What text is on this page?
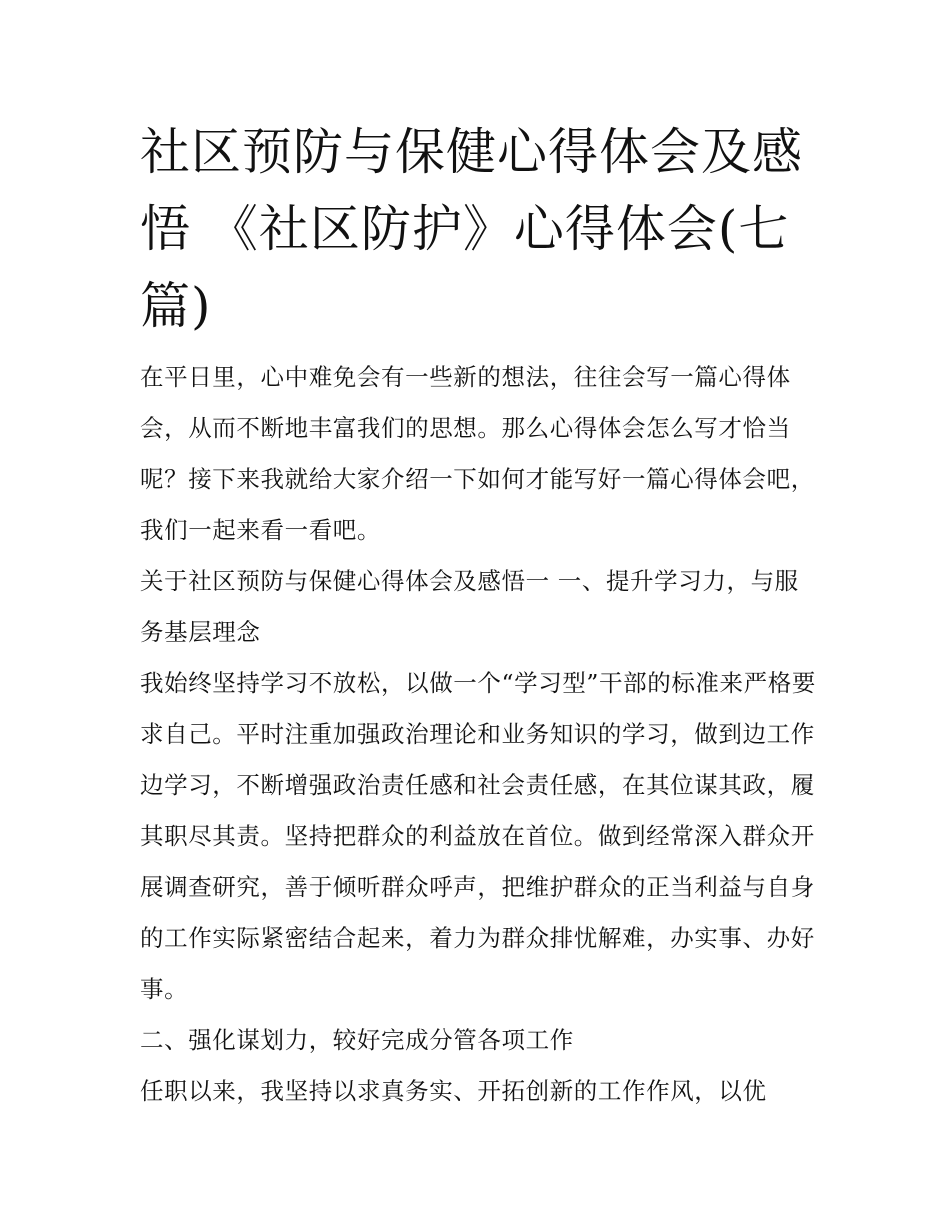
社区预防与保健心得体会及感悟 《社区防护》心得体会(七篇)

在平日里，心中难免会有一些新的想法，往往会写一篇心得体会，从而不断地丰富我们的思想。那么心得体会怎么写才恰当呢？接下来我就给大家介绍一下如何才能写好一篇心得体会吧，我们一起来看一看吧。

关于社区预防与保健心得体会及感悟一 一、提升学习力，与服务基层理念

我始终坚持学习不放松，以做一个“学习型”干部的标准来严格要求自己。平时注重加强政治理论和业务知识的学习，做到边工作边学习，不断增强政治责任感和社会责任感，在其位谋其政，履其职尽其责。坚持把群众的利益放在首位。做到经常深入群众开展调查研究，善于倾听群众呼声，把维护群众的正当利益与自身的工作实际紧密结合起来，着力为群众排忧解难，办实事、办好事。

二、强化谋划力，较好完成分管各项工作

任职以来，我坚持以求真务实、开拓创新的工作作风，以优
